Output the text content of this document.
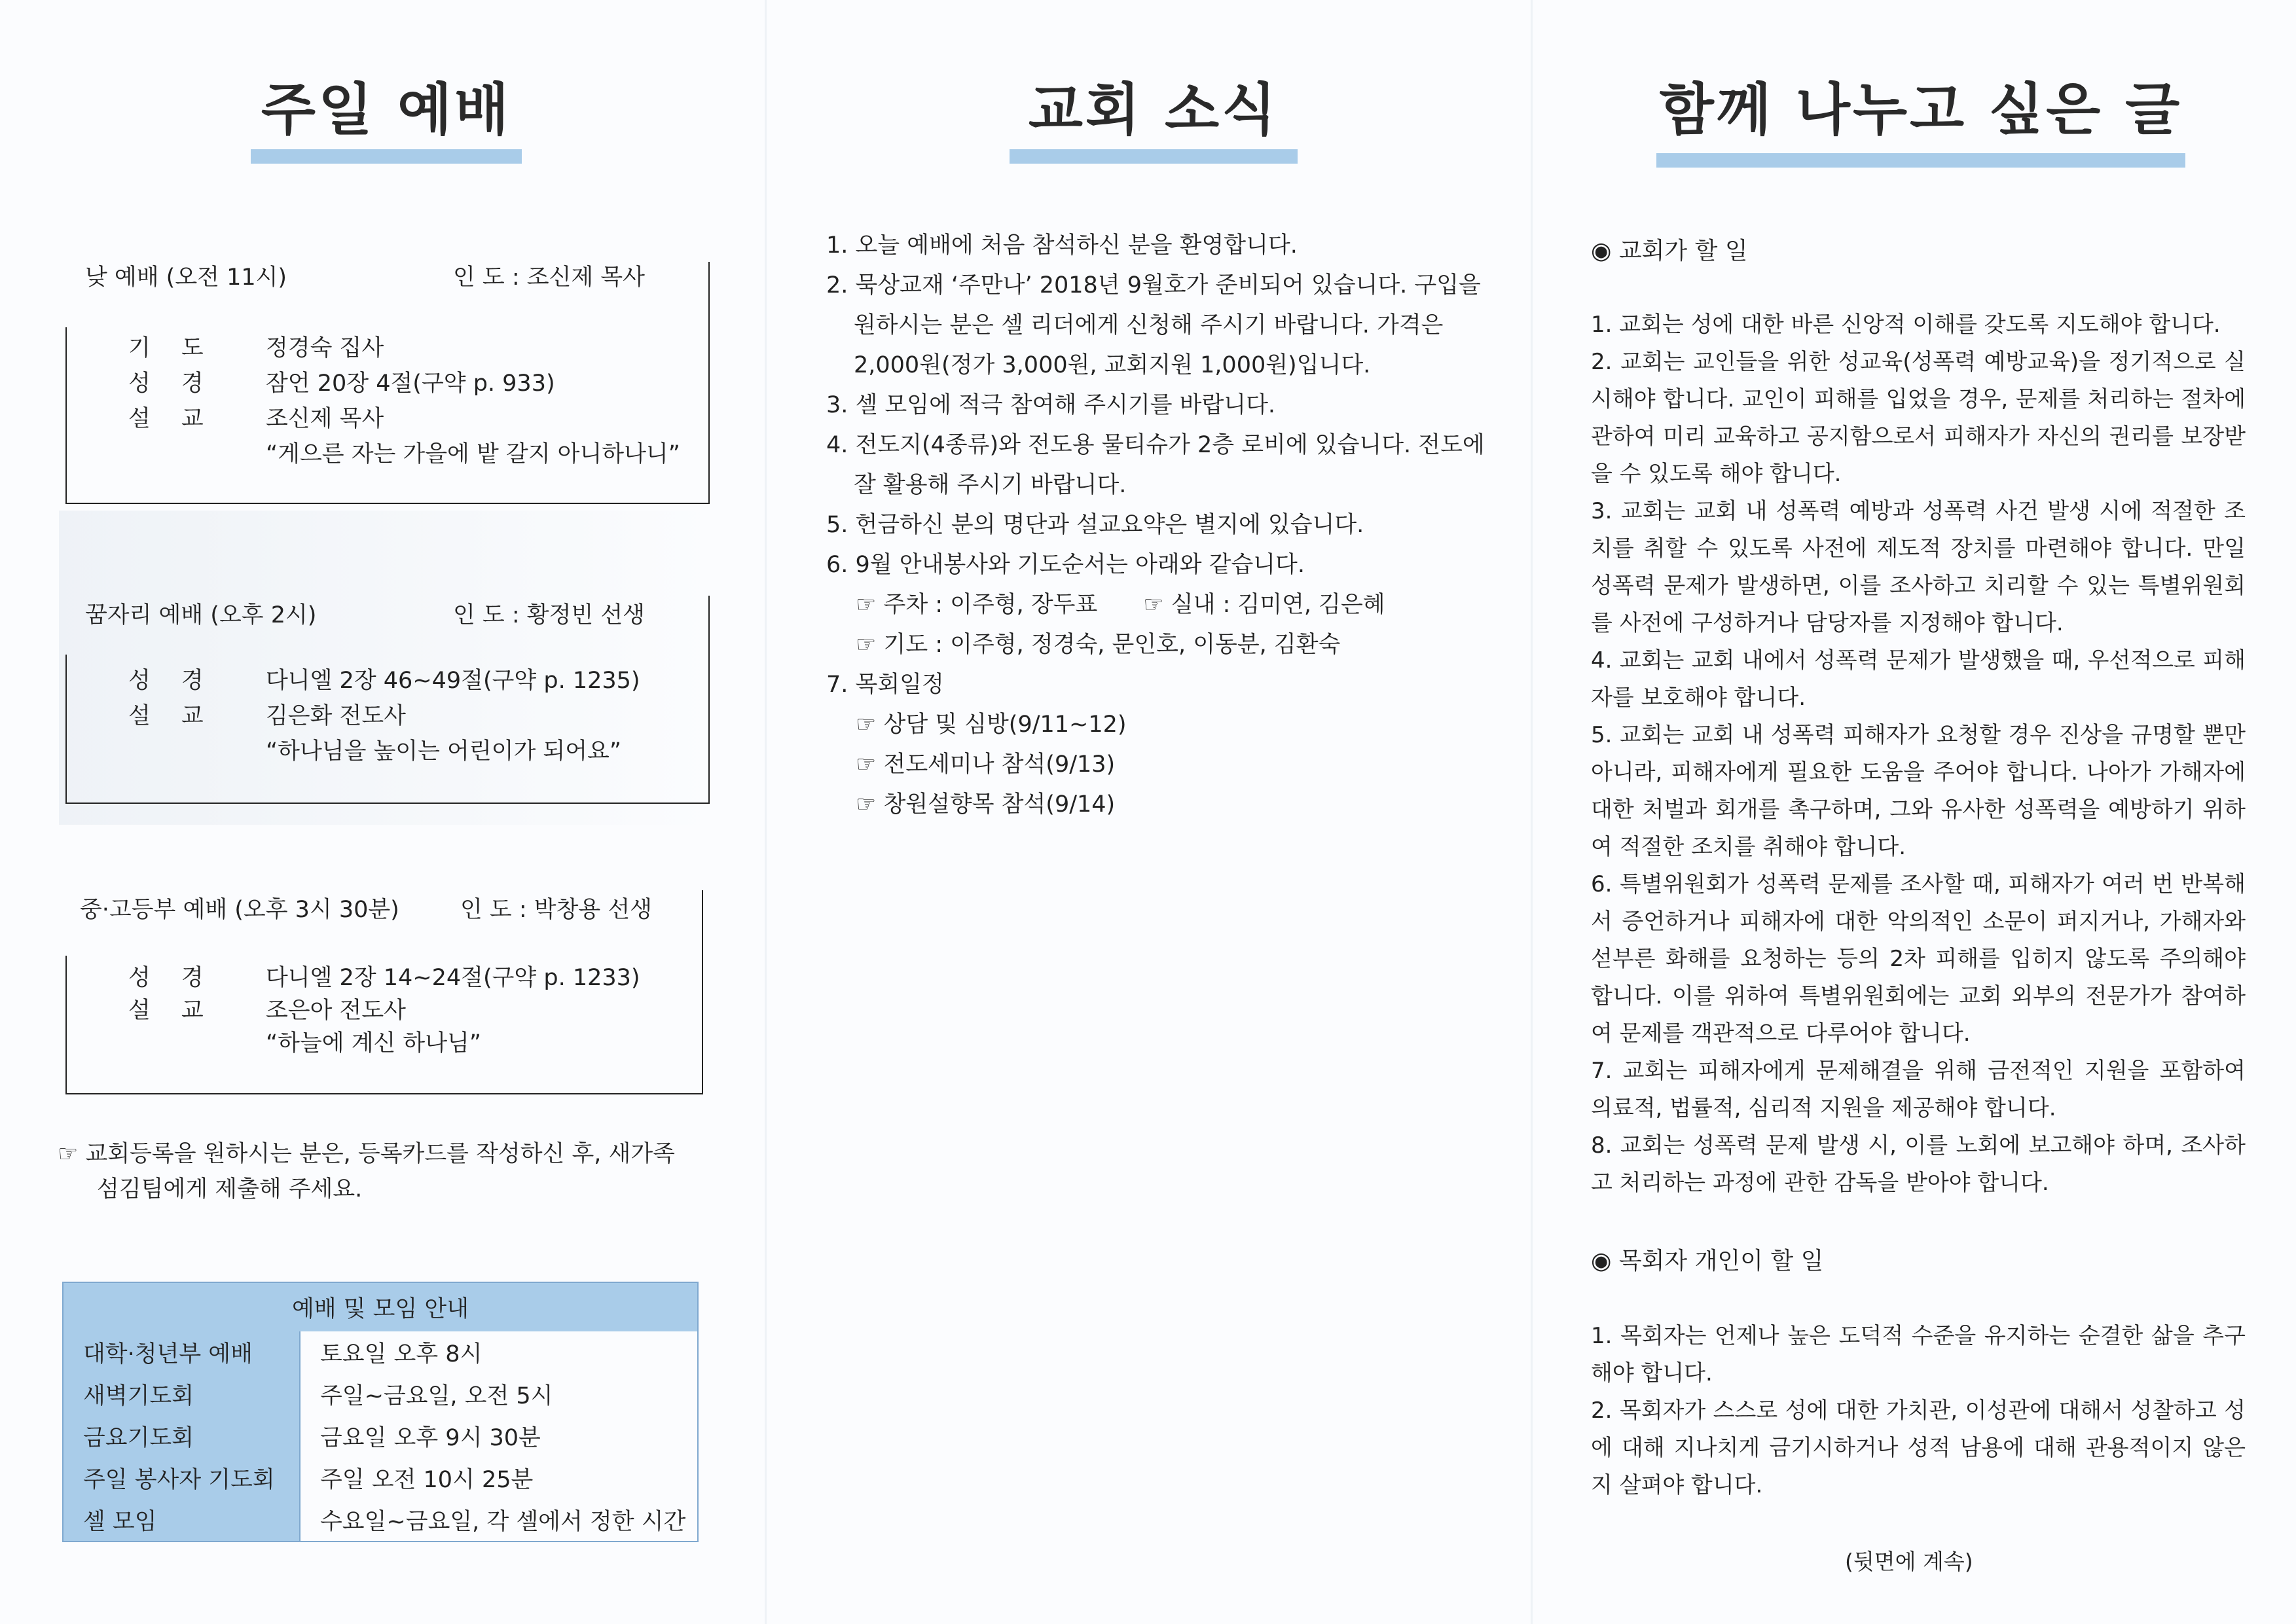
주일 예배
낮 예배 (오전 11시)	인 도 : 조신제 목사
기 도 정경숙 집사
성 경 잠언 20장 4절(구약 p. 933)
설 교 조신제 목사
“게으른 자는 가을에 밭 갈지 아니하나니”
꿈자리 예배 (오후 2시)	인 도 : 황정빈 선생
성 경 다니엘 2장 46~49절(구약 p. 1235)
설 교 김은화 전도사
“하나님을 높이는 어린이가 되어요”
중·고등부 예배 (오후 3시 30분)	인 도 : 박창용 선생
성 경 다니엘 2장 14~24절(구약 p. 1233)
설 교 조은아 전도사
“하늘에 계신 하나님”
☞ 교회등록을 원하시는 분은, 등록카드를 작성하신 후, 새가족
섬김팀에게 제출해 주세요.
예배 및 모임 안내	
대학·청년부 예배	토요일 오후 8시
새벽기도회	주일~금요일, 오전 5시
금요기도회	금요일 오후 9시 30분
주일 봉사자 기도회	주일 오전 10시 25분
셀 모임	수요일~금요일, 각 셀에서 정한 시간
교회 소식

1. 오늘 예배에 처음 참석하신 분을 환영합니다.

2. 묵상교재 ‘주만나’ 2018년 9월호가 준비되어 있습니다. 구입을

원하시는 분은 셀 리더에게 신청해 주시기 바랍니다. 가격은

2,000원(정가 3,000원, 교회지원 1,000원)입니다.

3. 셀 모임에 적극 참여해 주시기를 바랍니다.

4. 전도지(4종류)와 전도용 물티슈가 2층 로비에 있습니다. 전도에

잘 활용해 주시기 바랍니다.

5. 헌금하신 분의 명단과 설교요약은 별지에 있습니다.

6. 9월 안내봉사와 기도순서는 아래와 같습니다.

☞ 주차 : 이주형, 장두표 ☞ 실내 : 김미연, 김은혜

☞ 기도 : 이주형, 정경숙, 문인호, 이동분, 김환숙

7. 목회일정

☞ 상담 및 심방(9/11~12)

☞ 전도세미나 참석(9/13)

☞ 창원설향목 참석(9/14)

함께 나누고 싶은 글
◉ 교회가 할 일

1. 교회는 성에 대한 바른 신앙적 이해를 갖도록 지도해야 합니다.

2. 교회는 교인들을 위한 성교육(성폭력 예방교육)을 정기적으로 실시해야 합니다. 교인이 피해를 입었을 경우, 문제를 처리하는 절차에 관하여 미리 교육하고 공지함으로서 피해자가 자신의 권리를 보장받을 수 있도록 해야 합니다.

3. 교회는 교회 내 성폭력 예방과 성폭력 사건 발생 시에 적절한 조치를 취할 수 있도록 사전에 제도적 장치를 마련해야 합니다. 만일 성폭력 문제가 발생하면, 이를 조사하고 치리할 수 있는 특별위원회를 사전에 구성하거나 담당자를 지정해야 합니다.

4. 교회는 교회 내에서 성폭력 문제가 발생했을 때, 우선적으로 피해자를 보호해야 합니다.

5. 교회는 교회 내 성폭력 피해자가 요청할 경우 진상을 규명할 뿐만 아니라, 피해자에게 필요한 도움을 주어야 합니다. 나아가 가해자에 대한 처벌과 회개를 촉구하며, 그와 유사한 성폭력을 예방하기 위하여 적절한 조치를 취해야 합니다.

6. 특별위원회가 성폭력 문제를 조사할 때, 피해자가 여러 번 반복해서 증언하거나 피해자에 대한 악의적인 소문이 퍼지거나, 가해자와 섣부른 화해를 요청하는 등의 2차 피해를 입히지 않도록 주의해야 합니다. 이를 위하여 특별위원회에는 교회 외부의 전문가가 참여하여 문제를 객관적으로 다루어야 합니다.

7. 교회는 피해자에게 문제해결을 위해 금전적인 지원을 포함하여 의료적, 법률적, 심리적 지원을 제공해야 합니다.

8. 교회는 성폭력 문제 발생 시, 이를 노회에 보고해야 하며, 조사하고 처리하는 과정에 관한 감독을 받아야 합니다.

◉ 목회자 개인이 할 일

1. 목회자는 언제나 높은 도덕적 수준을 유지하는 순결한 삶을 추구해야 합니다.

2. 목회자가 스스로 성에 대한 가치관, 이성관에 대해서 성찰하고 성에 대해 지나치게 금기시하거나 성적 남용에 대해 관용적이지 않은지 살펴야 합니다.

(뒷면에 계속)
